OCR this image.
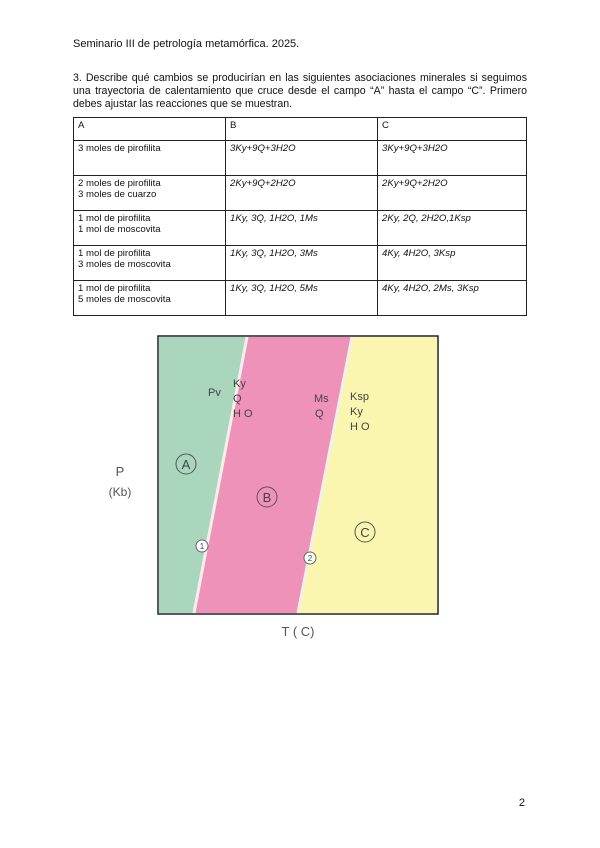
Seminario III de petrología metamórfica. 2025.
3. Describe qué cambios se producirían en las siguientes asociaciones minerales si seguimos una trayectoria de calentamiento que cruce desde el campo “A” hasta el campo “C”. Primero debes ajustar las reacciones que se muestran.
A	B	C

3 moles de pirofilita	3Ky+9Q+3H2O	3Ky+9Q+3H2O

2 moles de pirofilita
3 moles de cuarzo	2Ky+9Q+2H2O	2Ky+9Q+2H2O

1 mol de pirofilita
1 mol de moscovita	1Ky, 3Q, 1H2O, 1Ms	2Ky, 2Q, 2H2O,1Ksp

1 mol de pirofilita
3 moles de moscovita	1Ky, 3Q, 1H2O, 3Ms	4Ky, 4H2O, 3Ksp

1 mol de pirofilita
5 moles de moscovita	1Ky, 3Q, 1H2O, 5Ms	4Ky, 4H2O, 2Ms, 3Ksp
P
(Kb)
Pv
A
Ky
Q
H O
B
Ms
Q
Ksp
Ky
H O
C
1
2
T ( C)
2
